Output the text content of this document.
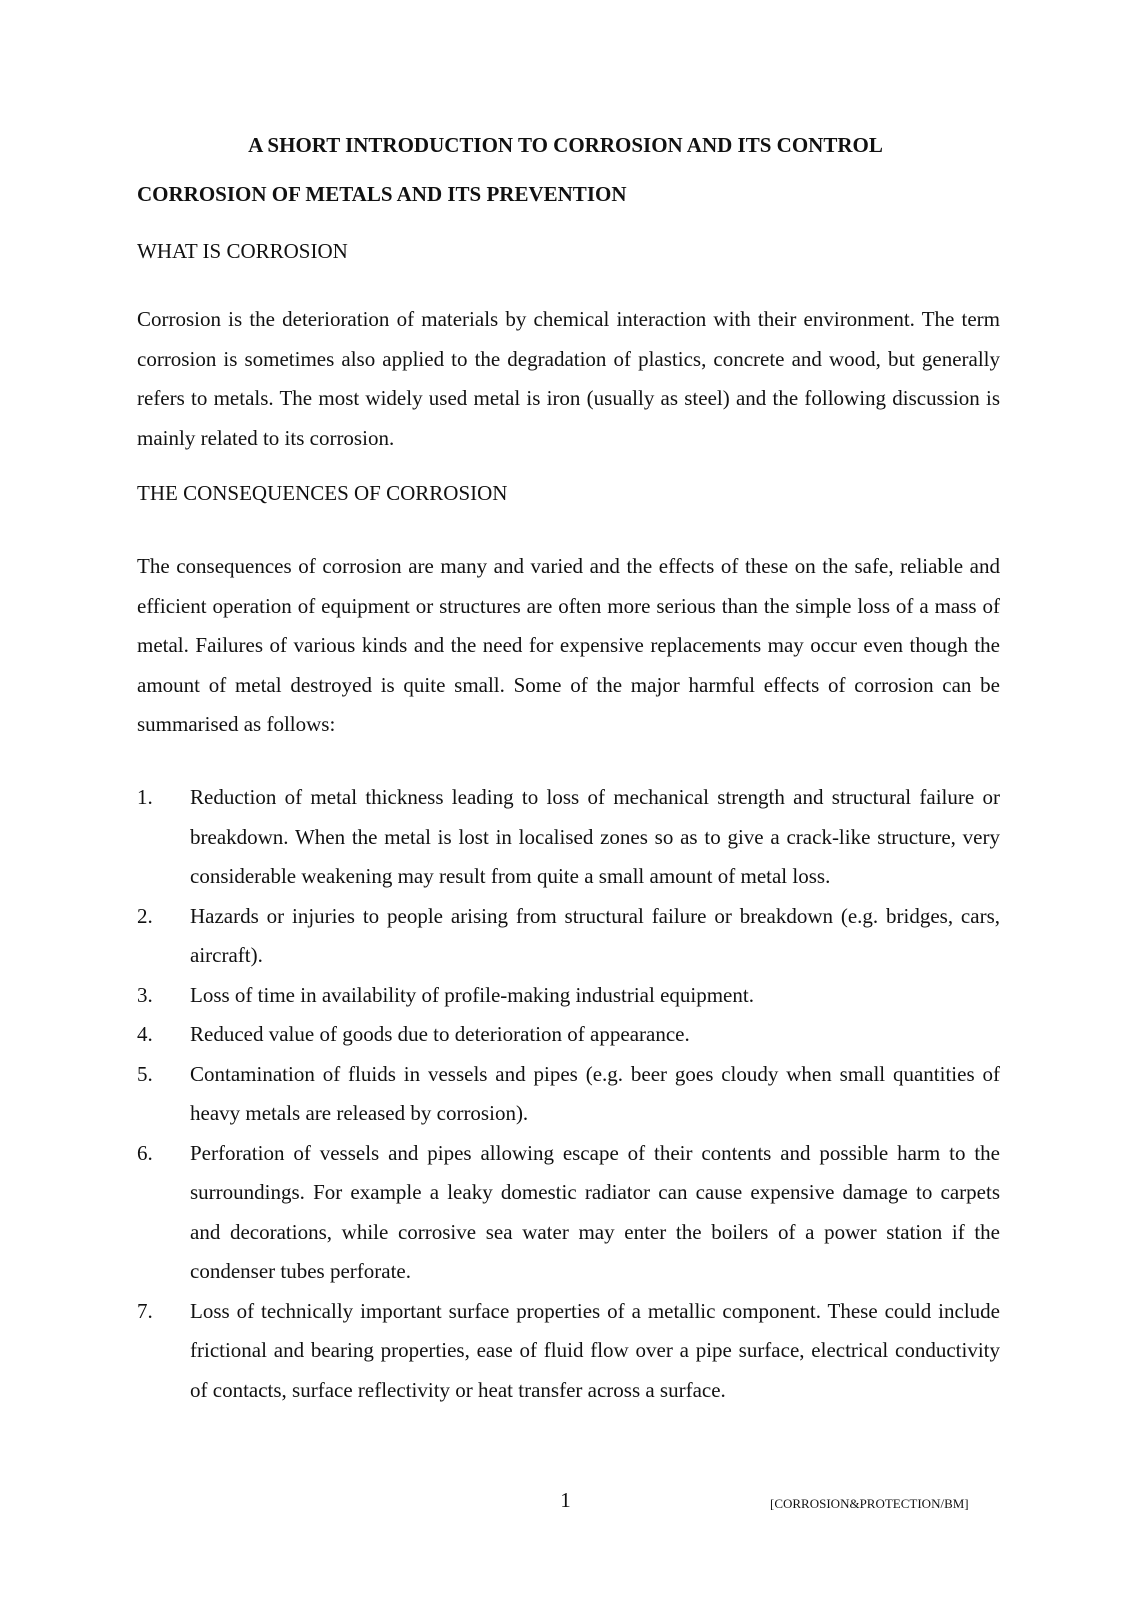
A SHORT INTRODUCTION TO CORROSION AND ITS CONTROL
CORROSION OF METALS AND ITS PREVENTION
WHAT IS CORROSION

Corrosion is the deterioration of materials by chemical interaction with their environment. The term corrosion is sometimes also applied to the degradation of plastics, concrete and wood, but generally refers to metals. The most widely used metal is iron (usually as steel) and the following discussion is mainly related to its corrosion.

THE CONSEQUENCES OF CORROSION

The consequences of corrosion are many and varied and the effects of these on the safe, reliable and efficient operation of equipment or structures are often more serious than the simple loss of a mass of metal. Failures of various kinds and the need for expensive replacements may occur even though the amount of metal destroyed is quite small. Some of the major harmful effects of corrosion can be summarised as follows:

1. Reduction of metal thickness leading to loss of mechanical strength and structural failure or breakdown. When the metal is lost in localised zones so as to give a crack-like structure, very considerable weakening may result from quite a small amount of metal loss.
2. Hazards or injuries to people arising from structural failure or breakdown (e.g. bridges, cars, aircraft).
3. Loss of time in availability of profile-making industrial equipment.
4. Reduced value of goods due to deterioration of appearance.
5. Contamination of fluids in vessels and pipes (e.g. beer goes cloudy when small quantities of heavy metals are released by corrosion).
6. Perforation of vessels and pipes allowing escape of their contents and possible harm to the surroundings. For example a leaky domestic radiator can cause expensive damage to carpets and decorations, while corrosive sea water may enter the boilers of a power station if the condenser tubes perforate.
7. Loss of technically important surface properties of a metallic component. These could include frictional and bearing properties, ease of fluid flow over a pipe surface, electrical conductivity of contacts, surface reflectivity or heat transfer across a surface.
1	[CORROSION&PROTECTION/BM]
